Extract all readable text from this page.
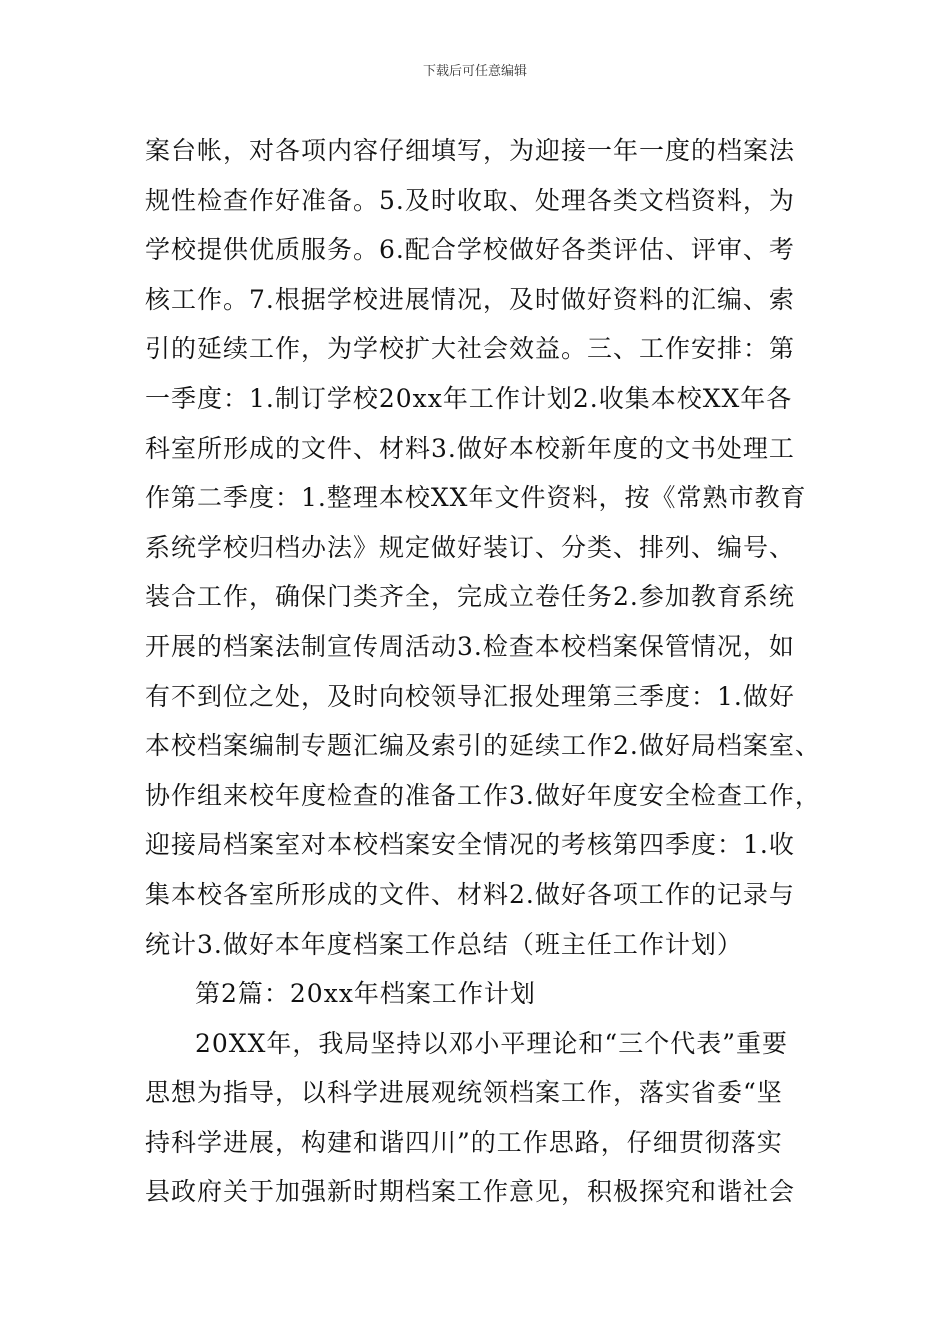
下载后可任意编辑
案台帐，对各项内容仔细填写，为迎接一年一度的档案法
规性检查作好准备。5.及时收取、处理各类文档资料，为
学校提供优质服务。6.配合学校做好各类评估、评审、考
核工作。7.根据学校进展情况，及时做好资料的汇编、索
引的延续工作，为学校扩大社会效益。三、工作安排：第
一季度：1.制订学校20xx年工作计划2.收集本校XX年各
科室所形成的文件、材料3.做好本校新年度的文书处理工
作第二季度：1.整理本校XX年文件资料，按《常熟市教育
系统学校归档办法》规定做好装订、分类、排列、编号、
装合工作，确保门类齐全，完成立卷任务2.参加教育系统
开展的档案法制宣传周活动3.检查本校档案保管情况，如
有不到位之处，及时向校领导汇报处理第三季度：1.做好
本校档案编制专题汇编及索引的延续工作2.做好局档案室、
协作组来校年度检查的准备工作3.做好年度安全检查工作，
迎接局档案室对本校档案安全情况的考核第四季度：1.收
集本校各室所形成的文件、材料2.做好各项工作的记录与
统计3.做好本年度档案工作总结（班主任工作计划）
第2篇：20xx年档案工作计划
20XX年，我局坚持以邓小平理论和“三个代表”重要
思想为指导，以科学进展观统领档案工作，落实省委“坚
持科学进展，构建和谐四川”的工作思路，仔细贯彻落实
县政府关于加强新时期档案工作意见，积极探究和谐社会
